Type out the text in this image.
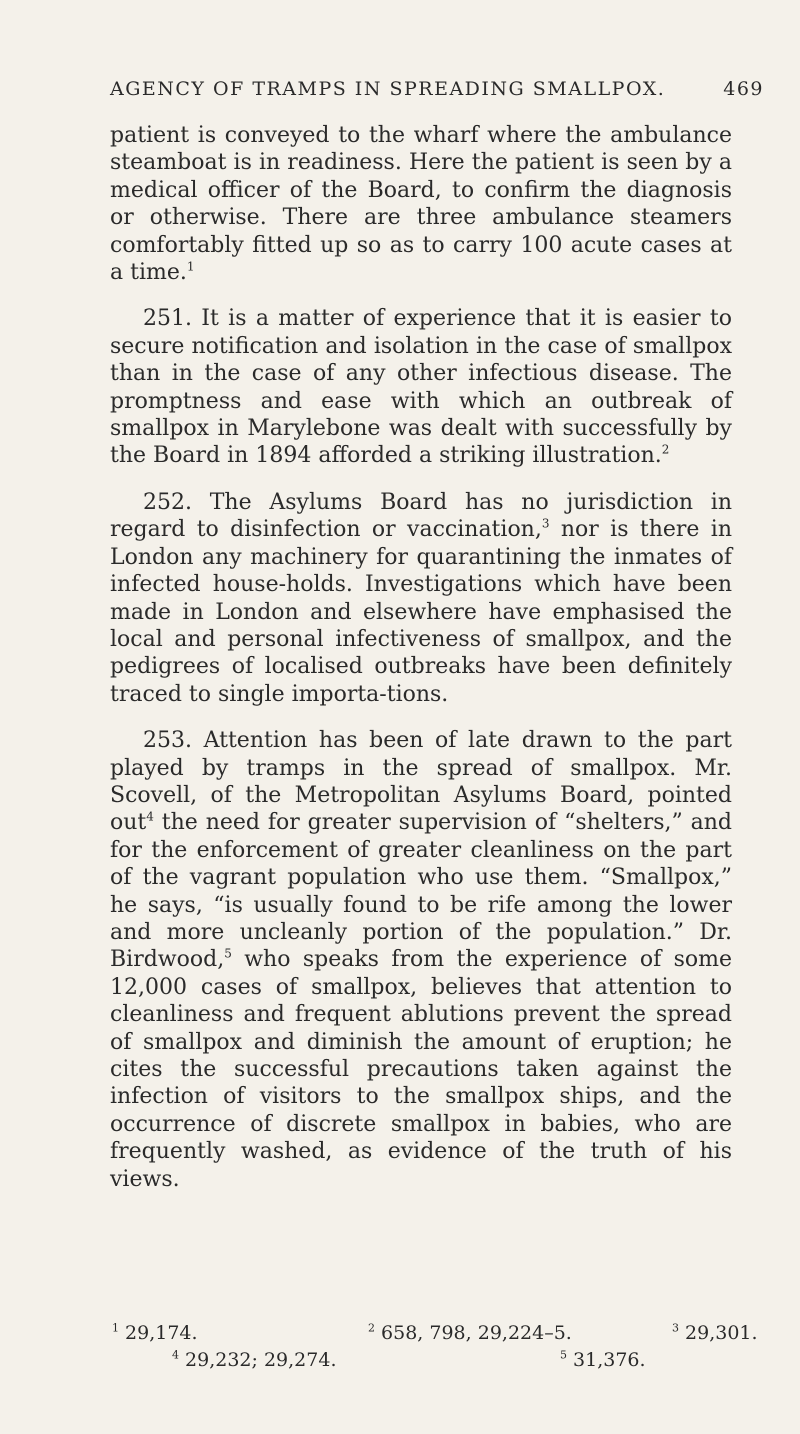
AGENCY OF TRAMPS IN SPREADING SMALLPOX.	469

patient is conveyed to the wharf where the ambulance steamboat is in readiness. Here the patient is seen by a medical officer of the Board, to confirm the diagnosis or otherwise. There are three ambulance steamers comfortably fitted up so as to carry 100 acute cases at a time.$^1$

251. It is a matter of experience that it is easier to secure notification and isolation in the case of smallpox than in the case of any other infectious disease. The promptness and ease with which an outbreak of smallpox in Marylebone was dealt with successfully by the Board in 1894 afforded a striking illustration.$^2$

252. The Asylums Board has no jurisdiction in regard to disinfection or vaccination,$^3$ nor is there in London any machinery for quarantining the inmates of infected house-holds. Investigations which have been made in London and elsewhere have emphasised the local and personal infectiveness of smallpox, and the pedigrees of localised outbreaks have been definitely traced to single importa-tions.

253. Attention has been of late drawn to the part played by tramps in the spread of smallpox. Mr. Scovell, of the Metropolitan Asylums Board, pointed out$^4$ the need for greater supervision of “shelters,” and for the enforcement of greater cleanliness on the part of the vagrant population who use them. “Smallpox,” he says, “is usually found to be rife among the lower and more uncleanly portion of the population.” Dr. Birdwood,$^5$ who speaks from the experience of some 12,000 cases of smallpox, believes that attention to cleanliness and frequent ablutions prevent the spread of smallpox and diminish the amount of eruption; he cites the successful precautions taken against the infection of visitors to the smallpox ships, and the occurrence of discrete smallpox in babies, who are frequently washed, as evidence of the truth of his views.

$^1$ 29,174.	$^2$ 658, 798, 29,224–5.	$^3$ 29,301.
$^4$ 29,232; 29,274.	$^5$ 31,376.
